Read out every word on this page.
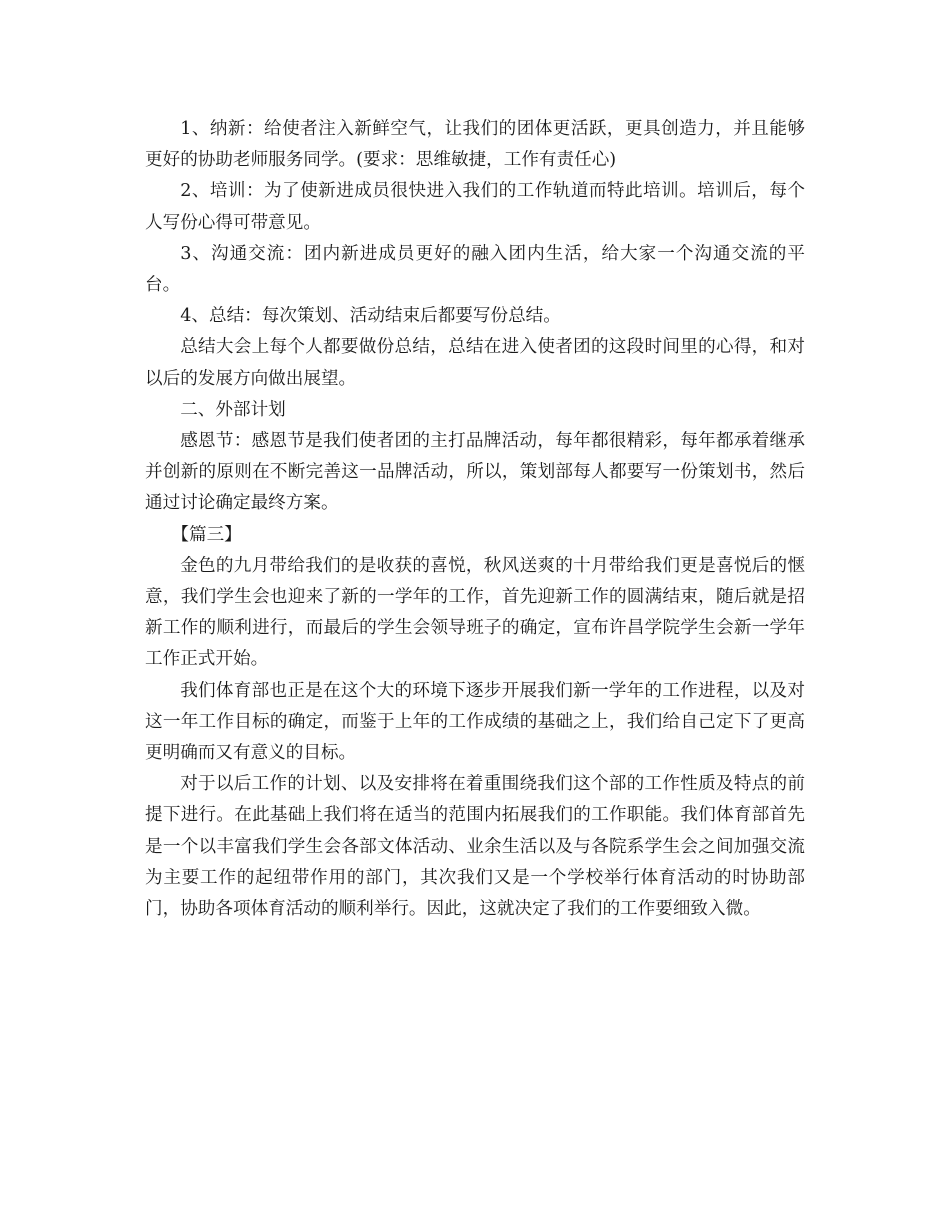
1、纳新：给使者注入新鲜空气，让我们的团体更活跃，更具创造力，并且能够更好的协助老师服务同学。(要求：思维敏捷，工作有责任心)

2、培训：为了使新进成员很快进入我们的工作轨道而特此培训。培训后，每个人写份心得可带意见。

3、沟通交流：团内新进成员更好的融入团内生活，给大家一个沟通交流的平台。

4、总结：每次策划、活动结束后都要写份总结。

总结大会上每个人都要做份总结，总结在进入使者团的这段时间里的心得，和对以后的发展方向做出展望。

二、外部计划

感恩节：感恩节是我们使者团的主打品牌活动，每年都很精彩，每年都承着继承并创新的原则在不断完善这一品牌活动，所以，策划部每人都要写一份策划书，然后通过讨论确定最终方案。

【篇三】

金色的九月带给我们的是收获的喜悦，秋风送爽的十月带给我们更是喜悦后的惬意，我们学生会也迎来了新的一学年的工作，首先迎新工作的圆满结束，随后就是招新工作的顺利进行，而最后的学生会领导班子的确定，宣布许昌学院学生会新一学年工作正式开始。

我们体育部也正是在这个大的环境下逐步开展我们新一学年的工作进程，以及对这一年工作目标的确定，而鉴于上年的工作成绩的基础之上，我们给自己定下了更高更明确而又有意义的目标。

对于以后工作的计划、以及安排将在着重围绕我们这个部的工作性质及特点的前提下进行。在此基础上我们将在适当的范围内拓展我们的工作职能。我们体育部首先是一个以丰富我们学生会各部文体活动、业余生活以及与各院系学生会之间加强交流为主要工作的起纽带作用的部门，其次我们又是一个学校举行体育活动的时协助部门，协助各项体育活动的顺利举行。因此，这就决定了我们的工作要细致入微。
